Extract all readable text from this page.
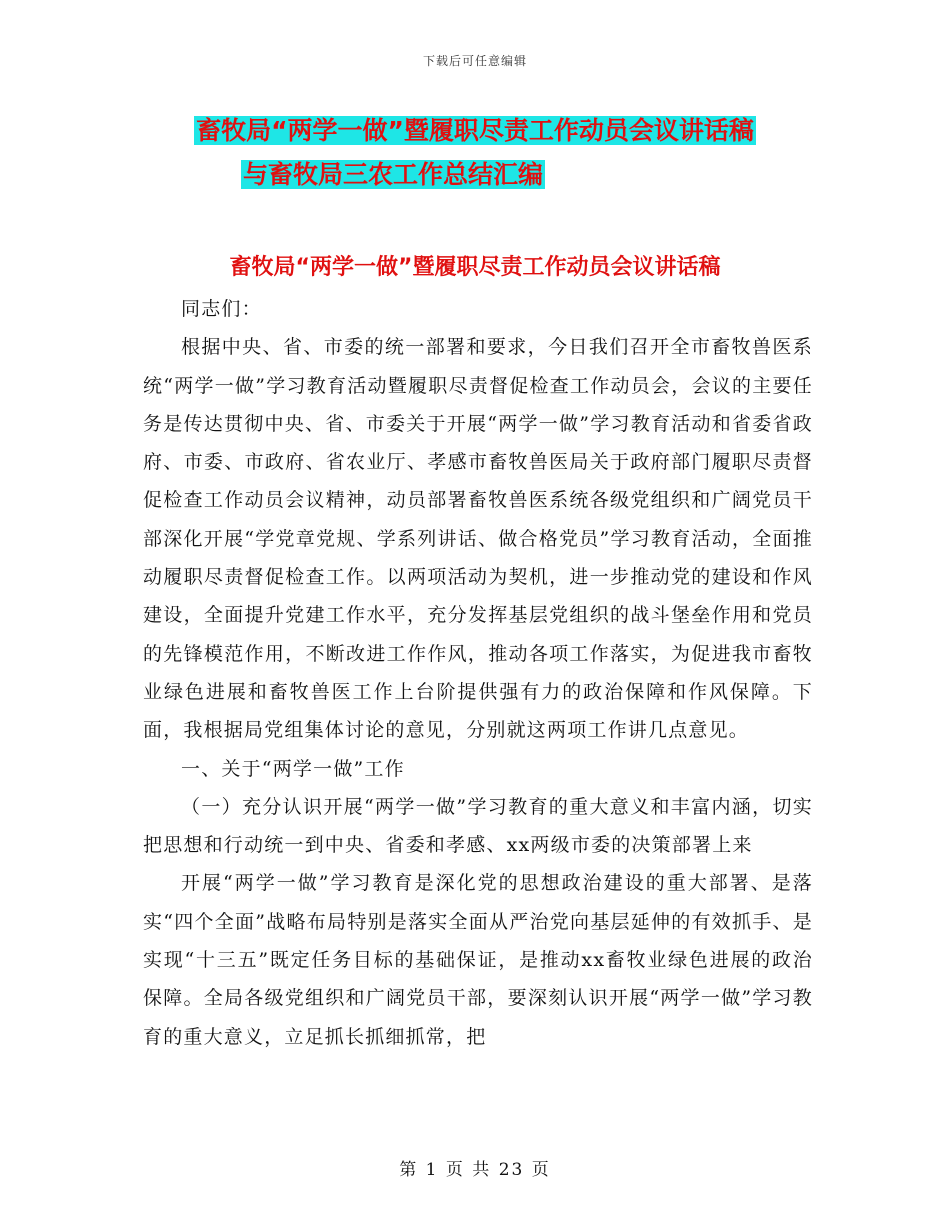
下载后可任意编辑
畜牧局“两学一做”暨履职尽责工作动员会议讲话稿
与畜牧局三农工作总结汇编
畜牧局“两学一做”暨履职尽责工作动员会议讲话稿

同志们：

根据中央、省、市委的统一部署和要求，今日我们召开全市畜牧兽医系统“两学一做”学习教育活动暨履职尽责督促检查工作动员会，会议的主要任务是传达贯彻中央、省、市委关于开展“两学一做”学习教育活动和省委省政府、市委、市政府、省农业厅、孝感市畜牧兽医局关于政府部门履职尽责督促检查工作动员会议精神，动员部署畜牧兽医系统各级党组织和广阔党员干部深化开展“学党章党规、学系列讲话、做合格党员”学习教育活动，全面推动履职尽责督促检查工作。以两项活动为契机，进一步推动党的建设和作风建设，全面提升党建工作水平，充分发挥基层党组织的战斗堡垒作用和党员的先锋模范作用，不断改进工作作风，推动各项工作落实，为促进我市畜牧业绿色进展和畜牧兽医工作上台阶提供强有力的政治保障和作风保障。下面，我根据局党组集体讨论的意见，分别就这两项工作讲几点意见。

一、关于“两学一做”工作

（一）充分认识开展“两学一做”学习教育的重大意义和丰富内涵，切实把思想和行动统一到中央、省委和孝感、xx两级市委的决策部署上来

开展“两学一做”学习教育是深化党的思想政治建设的重大部署、是落实“四个全面”战略布局特别是落实全面从严治党向基层延伸的有效抓手、是实现“十三五”既定任务目标的基础保证，是推动xx畜牧业绿色进展的政治保障。全局各级党组织和广阔党员干部，要深刻认识开展“两学一做”学习教育的重大意义，立足抓长抓细抓常，把

第 1 页 共 23 页
